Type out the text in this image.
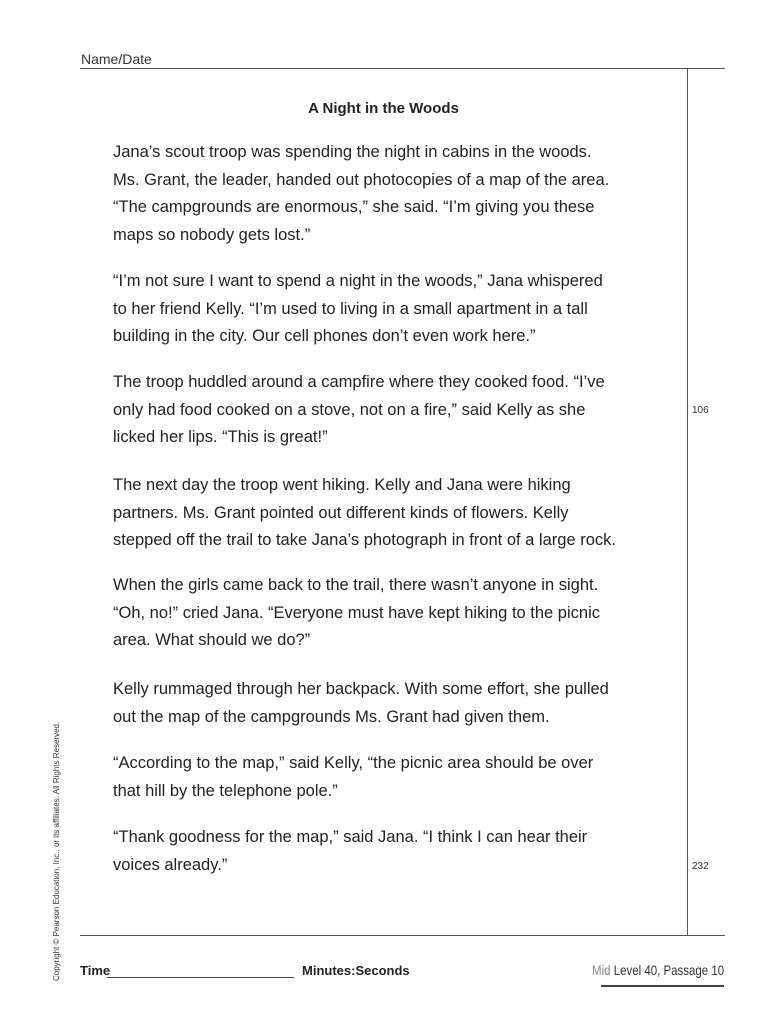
Name/Date
A Night in the Woods

Jana’s scout troop was spending the night in cabins in the woods.
Ms. Grant, the leader, handed out photocopies of a map of the area.
“The campgrounds are enormous,” she said. “I’m giving you these
maps so nobody gets lost.”

“I’m not sure I want to spend a night in the woods,” Jana whispered
to her friend Kelly. “I’m used to living in a small apartment in a tall
building in the city. Our cell phones don’t even work here.”

The troop huddled around a campfire where they cooked food. “I’ve
only had food cooked on a stove, not on a fire,” said Kelly as she
licked her lips. “This is great!”

The next day the troop went hiking. Kelly and Jana were hiking
partners. Ms. Grant pointed out different kinds of flowers. Kelly
stepped off the trail to take Jana’s photograph in front of a large rock.

When the girls came back to the trail, there wasn’t anyone in sight.
“Oh, no!” cried Jana. “Everyone must have kept hiking to the picnic
area. What should we do?”

Kelly rummaged through her backpack. With some effort, she pulled
out the map of the campgrounds Ms. Grant had given them.

“According to the map,” said Kelly, “the picnic area should be over
that hill by the telephone pole.”

“Thank goodness for the map,” said Jana. “I think I can hear their
voices already.”

106
232
Copyright © Pearson Education, Inc., or its affiliates. All Rights Reserved. Time	Minutes:Seconds	Mid Level 40, Passage 10
